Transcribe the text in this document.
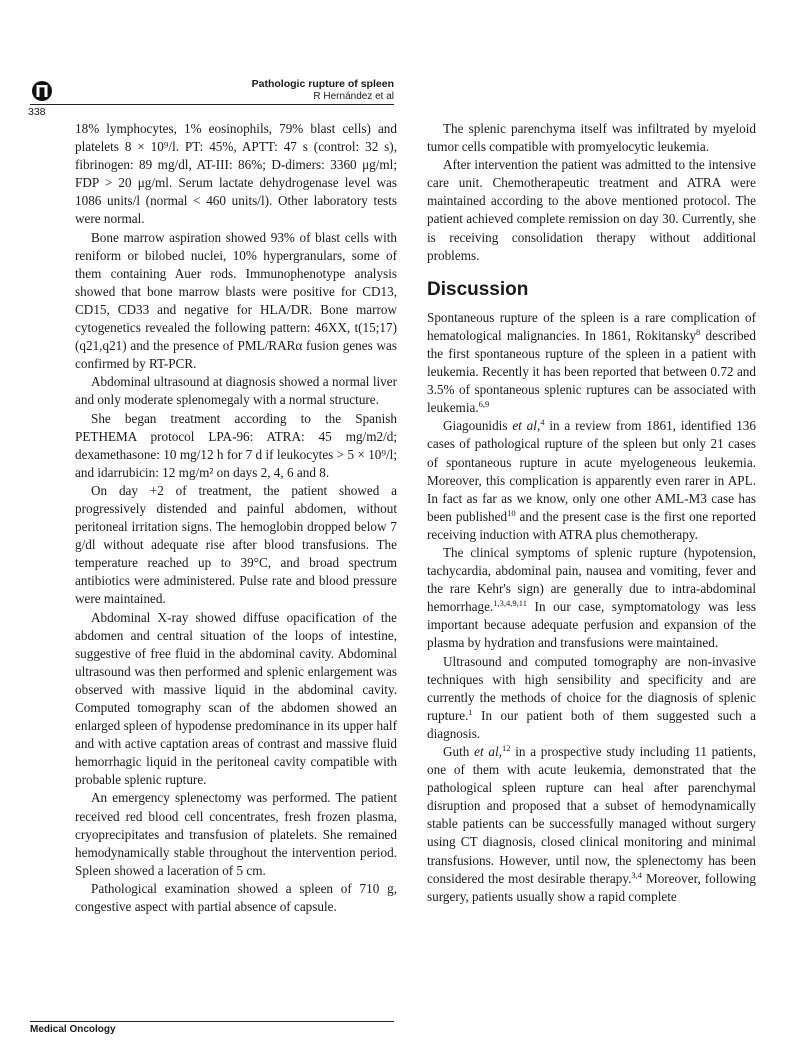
Pathologic rupture of spleen
R Hernández et al
338

18% lymphocytes, 1% eosinophils, 79% blast cells) and platelets 8 × 10⁹/l. PT: 45%, APTT: 47 s (control: 32 s), fibrinogen: 89 mg/dl, AT-III: 86%; D-dimers: 3360 μg/ml; FDP > 20 μg/ml. Serum lactate dehydrogenase level was 1086 units/l (normal < 460 units/l). Other laboratory tests were normal.

Bone marrow aspiration showed 93% of blast cells with reniform or bilobed nuclei, 10% hypergranulars, some of them containing Auer rods. Immunophenotype analysis showed that bone marrow blasts were positive for CD13, CD15, CD33 and negative for HLA/DR. Bone marrow cytogenetics revealed the following pattern: 46XX, t(15;17) (q21,q21) and the presence of PML/RARα fusion genes was confirmed by RT-PCR.

Abdominal ultrasound at diagnosis showed a normal liver and only moderate splenomegaly with a normal structure.

She began treatment according to the Spanish PETHEMA protocol LPA-96: ATRA: 45 mg/m2/d; dexamethasone: 10 mg/12 h for 7 d if leukocytes > 5 × 10⁹/l; and idarrubicin: 12 mg/m² on days 2, 4, 6 and 8.

On day +2 of treatment, the patient showed a progressively distended and painful abdomen, without peritoneal irritation signs. The hemoglobin dropped below 7 g/dl without adequate rise after blood transfusions. The temperature reached up to 39°C, and broad spectrum antibiotics were administered. Pulse rate and blood pressure were maintained.

Abdominal X-ray showed diffuse opacification of the abdomen and central situation of the loops of intestine, suggestive of free fluid in the abdominal cavity. Abdominal ultrasound was then performed and splenic enlargement was observed with massive liquid in the abdominal cavity. Computed tomography scan of the abdomen showed an enlarged spleen of hypodense predominance in its upper half and with active captation areas of contrast and massive fluid hemorrhagic liquid in the peritoneal cavity compatible with probable splenic rupture.

An emergency splenectomy was performed. The patient received red blood cell concentrates, fresh frozen plasma, cryoprecipitates and transfusion of platelets. She remained hemodynamically stable throughout the intervention period. Spleen showed a laceration of 5 cm.

Pathological examination showed a spleen of 710 g, congestive aspect with partial absence of capsule.

The splenic parenchyma itself was infiltrated by myeloid tumor cells compatible with promyelocytic leukemia.

After intervention the patient was admitted to the intensive care unit. Chemotherapeutic treatment and ATRA were maintained according to the above mentioned protocol. The patient achieved complete remission on day 30. Currently, she is receiving consolidation therapy without additional problems.

Discussion

Spontaneous rupture of the spleen is a rare complication of hematological malignancies. In 1861, Rokitansky$^8$ described the first spontaneous rupture of the spleen in a patient with leukemia. Recently it has been reported that between 0.72 and 3.5% of spontaneous splenic ruptures can be associated with leukemia.$^{6,9}$

Giagounidis et al,$^4$ in a review from 1861, identified 136 cases of pathological rupture of the spleen but only 21 cases of spontaneous rupture in acute myelogeneous leukemia. Moreover, this complication is apparently even rarer in APL. In fact as far as we know, only one other AML-M3 case has been published$^{10}$ and the present case is the first one reported receiving induction with ATRA plus chemotherapy.

The clinical symptoms of splenic rupture (hypotension, tachycardia, abdominal pain, nausea and vomiting, fever and the rare Kehr's sign) are generally due to intra-abdominal hemorrhage.$^{1,3,4,9,11}$ In our case, symptomatology was less important because adequate perfusion and expansion of the plasma by hydration and transfusions were maintained.

Ultrasound and computed tomography are non-invasive techniques with high sensibility and specificity and are currently the methods of choice for the diagnosis of splenic rupture.$^1$ In our patient both of them suggested such a diagnosis.

Guth et al,$^{12}$ in a prospective study including 11 patients, one of them with acute leukemia, demonstrated that the pathological spleen rupture can heal after parenchymal disruption and proposed that a subset of hemodynamically stable patients can be successfully managed without surgery using CT diagnosis, closed clinical monitoring and minimal transfusions. However, until now, the splenectomy has been considered the most desirable therapy.$^{3,4}$ Moreover, following surgery, patients usually show a rapid complete

Medical Oncology
